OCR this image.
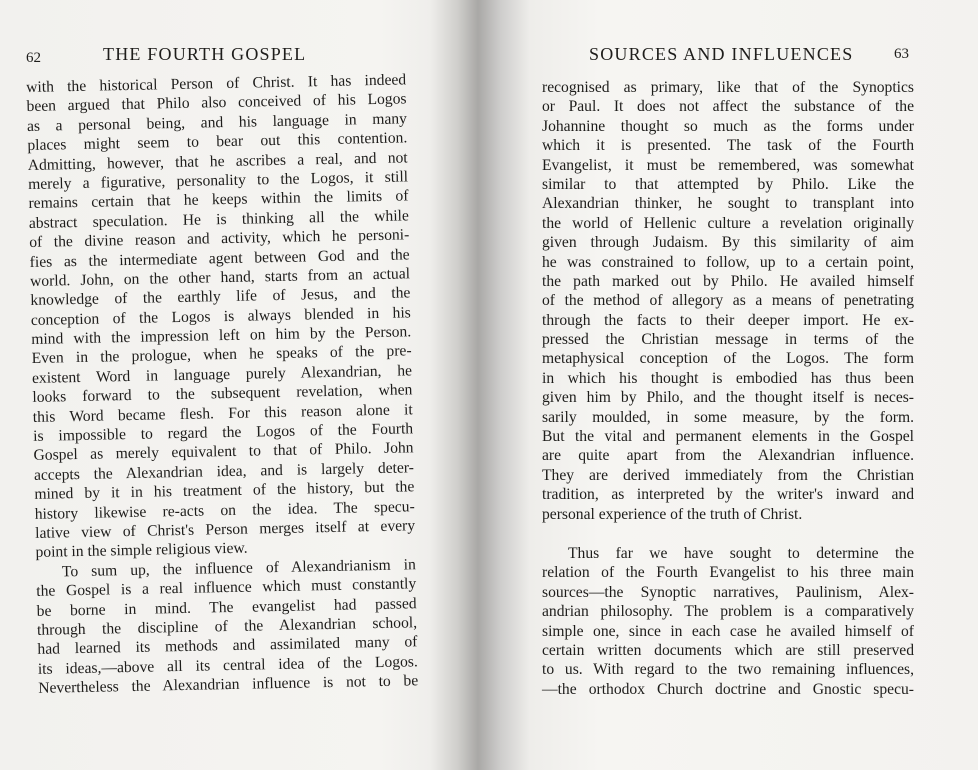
62	THE FOURTH GOSPEL
with the historical Person of Christ. It has indeed
been argued that Philo also conceived of his Logos
as a personal being, and his language in many
places might seem to bear out this contention.
Admitting, however, that he ascribes a real, and not
merely a figurative, personality to the Logos, it still
remains certain that he keeps within the limits of
abstract speculation. He is thinking all the while
of the divine reason and activity, which he personi-
fies as the intermediate agent between God and the
world. John, on the other hand, starts from an actual
knowledge of the earthly life of Jesus, and the
conception of the Logos is always blended in his
mind with the impression left on him by the Person.
Even in the prologue, when he speaks of the pre-
existent Word in language purely Alexandrian, he
looks forward to the subsequent revelation, when
this Word became flesh. For this reason alone it
is impossible to regard the Logos of the Fourth
Gospel as merely equivalent to that of Philo. John
accepts the Alexandrian idea, and is largely deter-
mined by it in his treatment of the history, but the
history likewise re-acts on the idea. The specu-
lative view of Christ's Person merges itself at every
point in the simple religious view.
To sum up, the influence of Alexandrianism in
the Gospel is a real influence which must constantly
be borne in mind. The evangelist had passed
through the discipline of the Alexandrian school,
had learned its methods and assimilated many of
its ideas,—above all its central idea of the Logos.
Nevertheless the Alexandrian influence is not to be
SOURCES AND INFLUENCES	63
recognised as primary, like that of the Synoptics
or Paul. It does not affect the substance of the
Johannine thought so much as the forms under
which it is presented. The task of the Fourth
Evangelist, it must be remembered, was somewhat
similar to that attempted by Philo. Like the
Alexandrian thinker, he sought to transplant into
the world of Hellenic culture a revelation originally
given through Judaism. By this similarity of aim
he was constrained to follow, up to a certain point,
the path marked out by Philo. He availed himself
of the method of allegory as a means of penetrating
through the facts to their deeper import. He ex-
pressed the Christian message in terms of the
metaphysical conception of the Logos. The form
in which his thought is embodied has thus been
given him by Philo, and the thought itself is neces-
sarily moulded, in some measure, by the form.
But the vital and permanent elements in the Gospel
are quite apart from the Alexandrian influence.
They are derived immediately from the Christian
tradition, as interpreted by the writer's inward and
personal experience of the truth of Christ.
Thus far we have sought to determine the
relation of the Fourth Evangelist to his three main
sources—the Synoptic narratives, Paulinism, Alex-
andrian philosophy. The problem is a comparatively
simple one, since in each case he availed himself of
certain written documents which are still preserved
to us. With regard to the two remaining influences,
—the orthodox Church doctrine and Gnostic specu-
